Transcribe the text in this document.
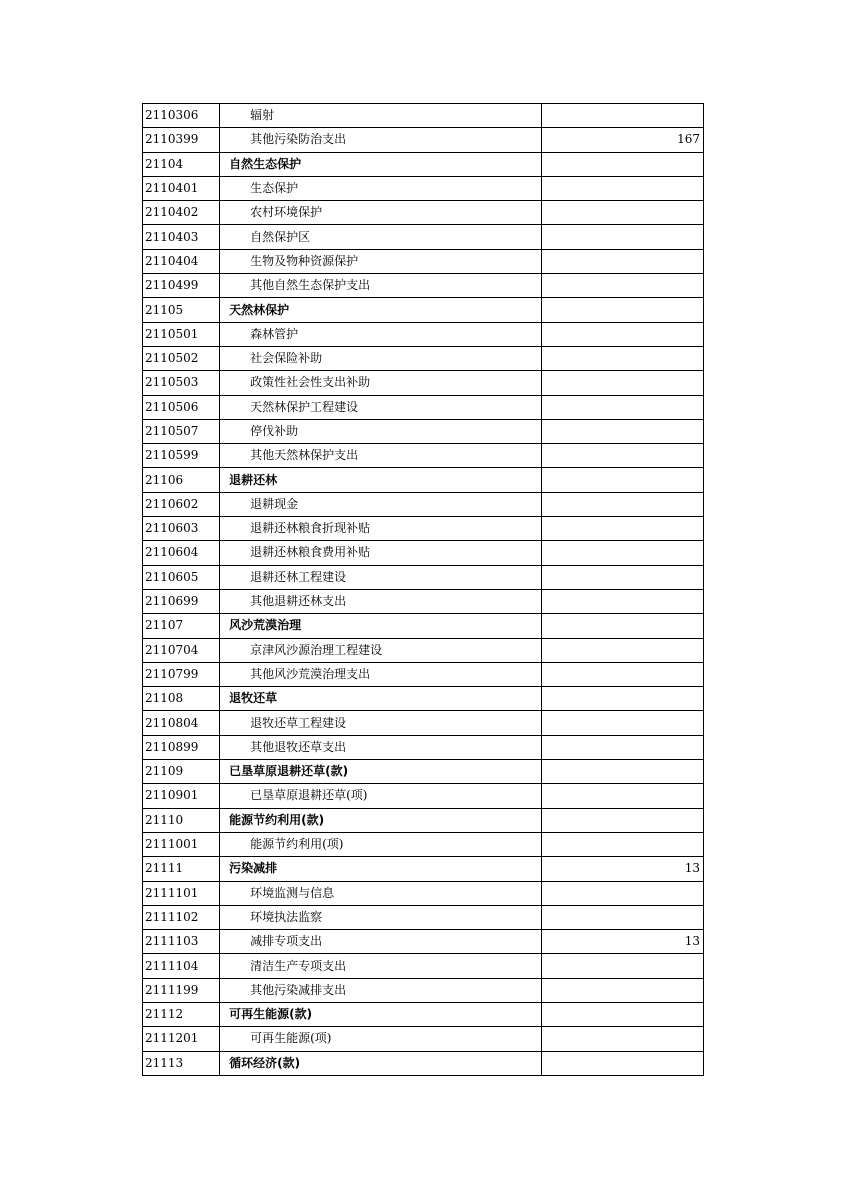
2110306	辐射	
2110399	其他污染防治支出	167
21104	自然生态保护	
2110401	生态保护	
2110402	农村环境保护	
2110403	自然保护区	
2110404	生物及物种资源保护	
2110499	其他自然生态保护支出	
21105	天然林保护	
2110501	森林管护	
2110502	社会保险补助	
2110503	政策性社会性支出补助	
2110506	天然林保护工程建设	
2110507	停伐补助	
2110599	其他天然林保护支出	
21106	退耕还林	
2110602	退耕现金	
2110603	退耕还林粮食折现补贴	
2110604	退耕还林粮食费用补贴	
2110605	退耕还林工程建设	
2110699	其他退耕还林支出	
21107	风沙荒漠治理	
2110704	京津风沙源治理工程建设	
2110799	其他风沙荒漠治理支出	
21108	退牧还草	
2110804	退牧还草工程建设	
2110899	其他退牧还草支出	
21109	已垦草原退耕还草(款)	
2110901	已垦草原退耕还草(项)	
21110	能源节约利用(款)	
2111001	能源节约利用(项)	
21111	污染减排	13
2111101	环境监测与信息	
2111102	环境执法监察	
2111103	减排专项支出	13
2111104	清洁生产专项支出	
2111199	其他污染减排支出	
21112	可再生能源(款)	
2111201	可再生能源(项)	
21113	循环经济(款)	
